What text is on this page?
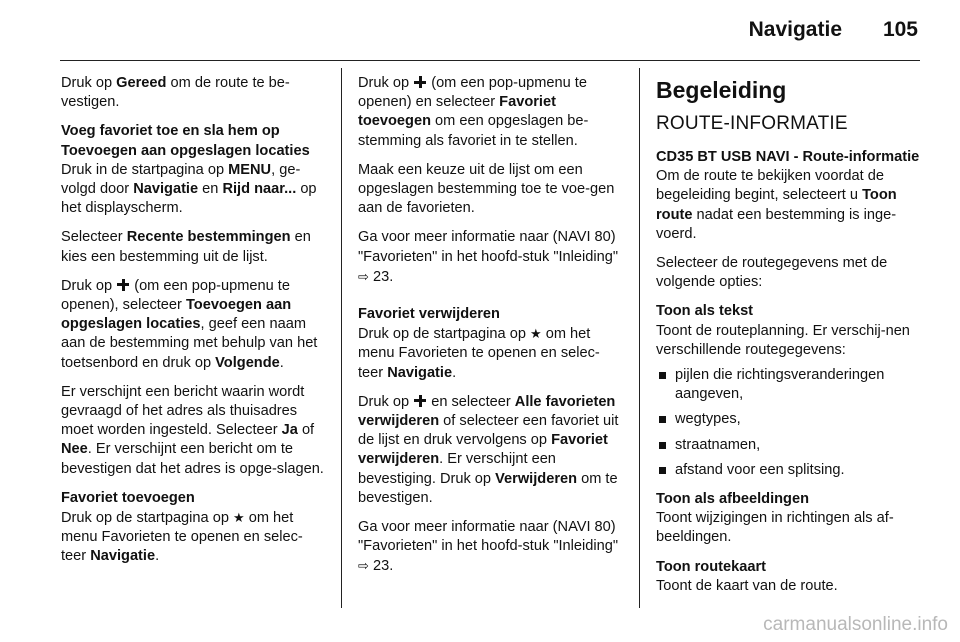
Navigatie 105

Druk op Gereed om de route te be-vestigen.

Voeg favoriet toe en sla hem op
Toevoegen aan opgeslagen locaties

Druk in de startpagina op MENU, ge-volgd door Navigatie en Rijd naar... op het displayscherm.

Selecteer Recente bestemmingen en kies een bestemming uit de lijst.

Druk op  (om een pop-upmenu te openen), selecteer Toevoegen aan opgeslagen locaties, geef een naam aan de bestemming met behulp van het toetsenbord en druk op Volgende.

Er verschijnt een bericht waarin wordt gevraagd of het adres als thuisadres moet worden ingesteld. Selecteer Ja of Nee. Er verschijnt een bericht om te bevestigen dat het adres is opge-slagen.

Favoriet toevoegen

Druk op de startpagina op ★ om het menu Favorieten te openen en selec-teer Navigatie.

Druk op  (om een pop-upmenu te openen) en selecteer Favoriet toevoegen om een opgeslagen be-stemming als favoriet in te stellen.

Maak een keuze uit de lijst om een opgeslagen bestemming toe te voe-gen aan de favorieten.

Ga voor meer informatie naar (NAVI 80) "Favorieten" in het hoofd-stuk "Inleiding" ⇨ 23.

Favoriet verwijderen

Druk op de startpagina op ★ om het menu Favorieten te openen en selec-teer Navigatie.

Druk op  en selecteer Alle favorieten verwijderen of selecteer een favoriet uit de lijst en druk vervolgens op Favoriet verwijderen. Er verschijnt een bevestiging. Druk op Verwijderen om te bevestigen.

Ga voor meer informatie naar (NAVI 80) "Favorieten" in het hoofd-stuk "Inleiding" ⇨ 23.

Begeleiding
ROUTE-INFORMATIE
CD35 BT USB NAVI - Route-informatie

Om de route te bekijken voordat de begeleiding begint, selecteert u Toon route nadat een bestemming is inge-voerd.

Selecteer de routegegevens met de volgende opties:

Toon als tekst

Toont de routeplanning. Er verschij-nen verschillende routegegevens:

pijlen die richtingsveranderingen aangeven,
wegtypes,
straatnamen,
afstand voor een splitsing.
Toon als afbeeldingen

Toont wijzigingen in richtingen als af-beeldingen.

Toon routekaart

Toont de kaart van de route.

carmanualsonline.info
